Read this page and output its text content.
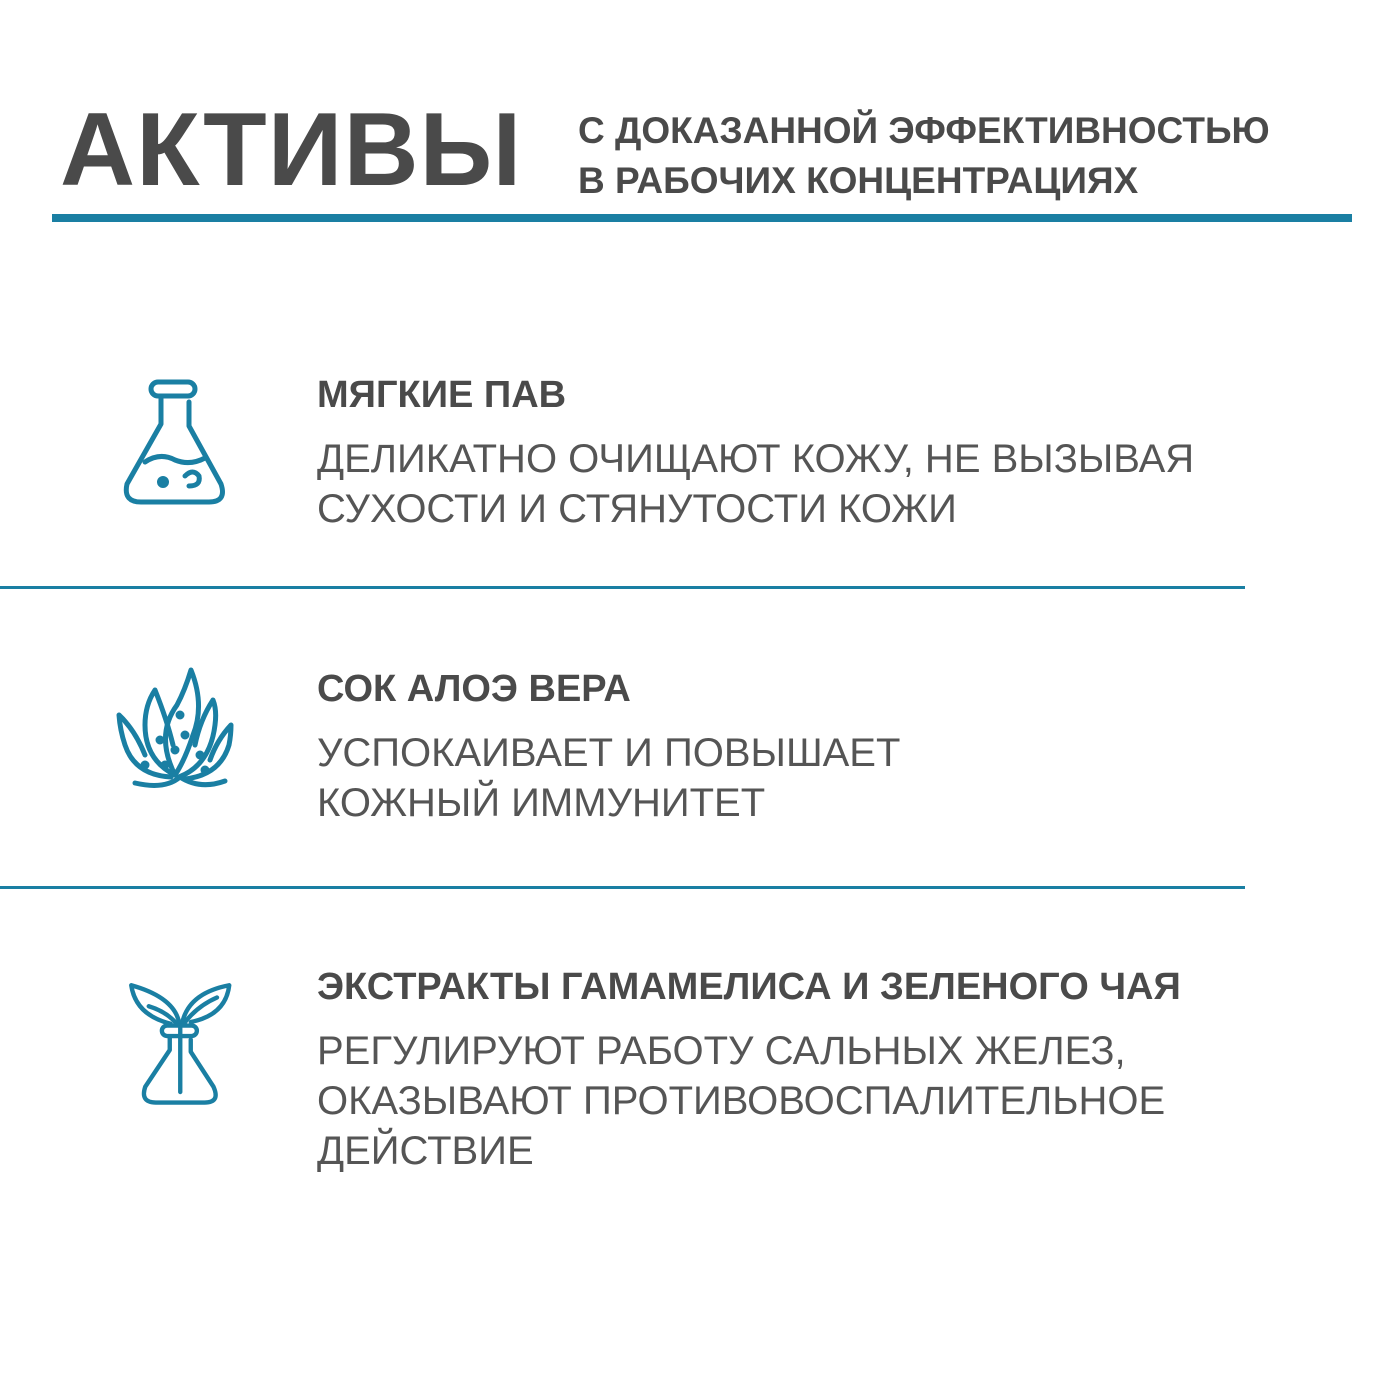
АКТИВЫ С ДОКАЗАННОЙ ЭФФЕКТИВНОСТЬЮ
В РАБОЧИХ КОНЦЕНТРАЦИЯХ
МЯГКИЕ ПАВ
ДЕЛИКАТНО ОЧИЩАЮТ КОЖУ, НЕ ВЫЗЫВАЯ
СУХОСТИ И СТЯНУТОСТИ КОЖИ
СОК АЛОЭ ВЕРА
УСПОКАИВАЕТ И ПОВЫШАЕТ
КОЖНЫЙ ИММУНИТЕТ
ЭКСТРАКТЫ ГАМАМЕЛИСА И ЗЕЛЕНОГО ЧАЯ
РЕГУЛИРУЮТ РАБОТУ САЛЬНЫХ ЖЕЛЕЗ,
ОКАЗЫВАЮТ ПРОТИВОВОСПАЛИТЕЛЬНОЕ
ДЕЙСТВИЕ
